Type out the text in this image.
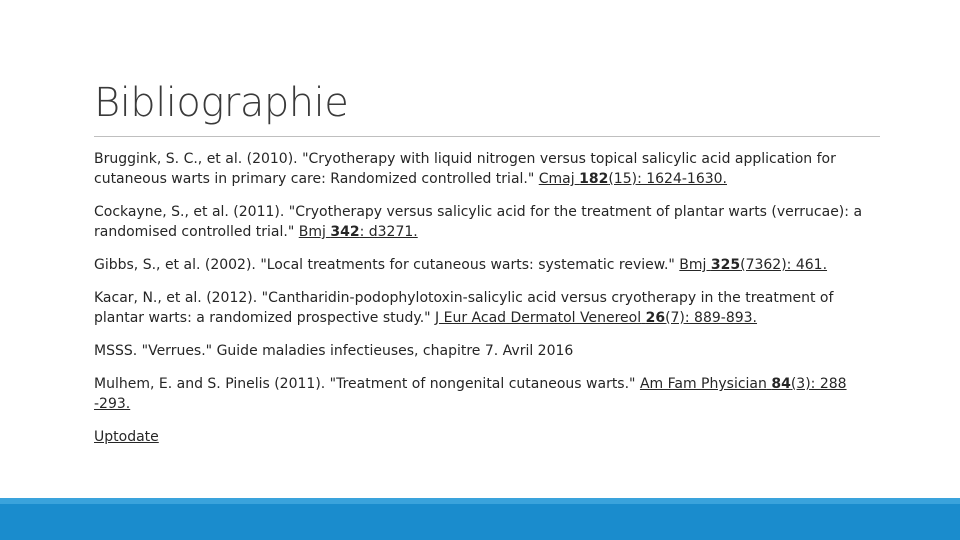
Bibliographie

Bruggink, S. C., et al. (2010). "Cryotherapy with liquid nitrogen versus topical salicylic acid application for cutaneous warts in primary care: Randomized controlled trial." Cmaj 182(15): 1624-1630.

Cockayne, S., et al. (2011). "Cryotherapy versus salicylic acid for the treatment of plantar warts (verrucae): a randomised controlled trial." Bmj 342: d3271.

Gibbs, S., et al. (2002). "Local treatments for cutaneous warts: systematic review." Bmj 325(7362): 461.

Kacar, N., et al. (2012). "Cantharidin-podophylotoxin-salicylic acid versus cryotherapy in the treatment of plantar warts: a randomized prospective study." J Eur Acad Dermatol Venereol 26(7): 889-893.

MSSS. "Verrues." Guide maladies infectieuses, chapitre 7. Avril 2016

Mulhem, E. and S. Pinelis (2011). "Treatment of nongenital cutaneous warts." Am Fam Physician 84(3): 288 -293.

Uptodate
